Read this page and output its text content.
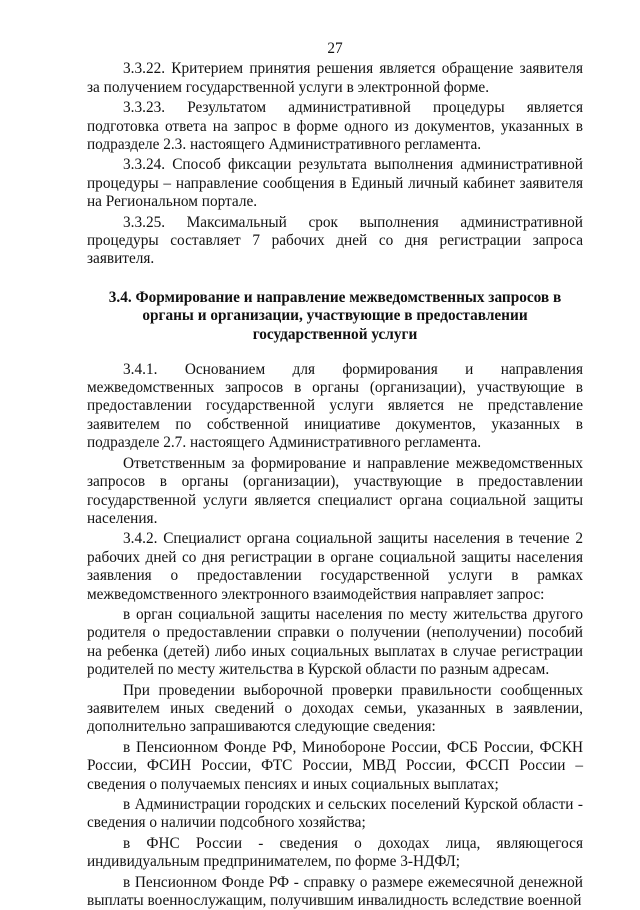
27

3.3.22. Критерием принятия решения является обращение заявителя за получением государственной услуги в электронной форме.

3.3.23. Результатом административной процедуры является подготовка ответа на запрос в форме одного из документов, указанных в подразделе 2.3. настоящего Административного регламента.

3.3.24. Способ фиксации результата выполнения административной процедуры – направление сообщения в Единый личный кабинет заявителя на Региональном портале.

3.3.25. Максимальный срок выполнения административной процедуры составляет 7 рабочих дней со дня регистрации запроса заявителя.

3.4. Формирование и направление межведомственных запросов в
органы и организации, участвующие в предоставлении
государственной услуги

3.4.1. Основанием для формирования и направления межведомственных запросов в органы (организации), участвующие в предоставлении государственной услуги является не представление заявителем по собственной инициативе документов, указанных в подразделе 2.7. настоящего Административного регламента.

Ответственным за формирование и направление межведомственных запросов в органы (организации), участвующие в предоставлении государственной услуги является специалист органа социальной защиты населения.

3.4.2. Специалист органа социальной защиты населения в течение 2 рабочих дней со дня регистрации в органе социальной защиты населения заявления о предоставлении государственной услуги в рамках межведомственного электронного взаимодействия направляет запрос:

в орган социальной защиты населения по месту жительства другого родителя о предоставлении справки о получении (неполучении) пособий на ребенка (детей) либо иных социальных выплатах в случае регистрации родителей по месту жительства в Курской области по разным адресам.

При проведении выборочной проверки правильности сообщенных заявителем иных сведений о доходах семьи, указанных в заявлении, дополнительно запрашиваются следующие сведения:

в Пенсионном Фонде РФ, Минобороне России, ФСБ России, ФСКН России, ФСИН России, ФТС России, МВД России, ФССП России – сведения о получаемых пенсиях и иных социальных выплатах;

в Администрации городских и сельских поселений Курской области - сведения о наличии подсобного хозяйства;

в ФНС России - сведения о доходах лица, являющегося индивидуальным предпринимателем, по форме 3-НДФЛ;

в Пенсионном Фонде РФ - справку о размере ежемесячной денежной выплаты военнослужащим, получившим инвалидность вследствие военной
